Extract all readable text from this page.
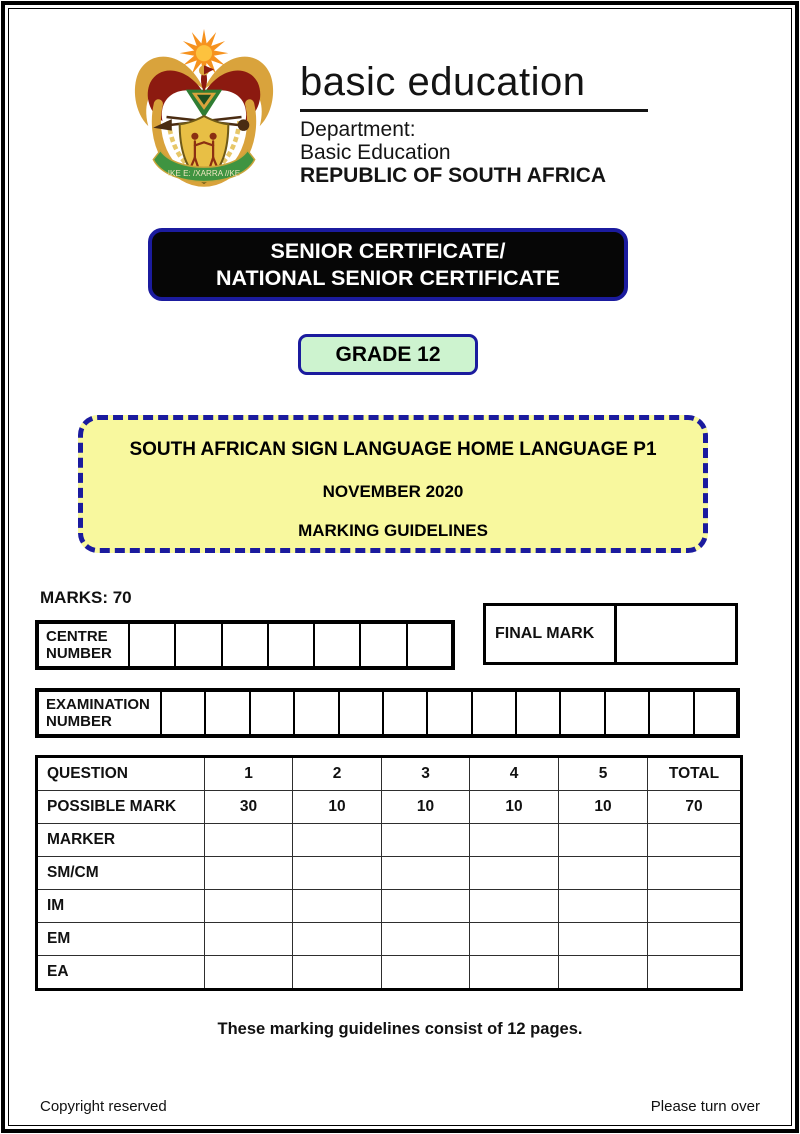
!KE E: /XARRA //KE
basic education
Department:
Basic Education
REPUBLIC OF SOUTH AFRICA
SENIOR CERTIFICATE/
NATIONAL SENIOR CERTIFICATE
GRADE 12
SOUTH AFRICAN SIGN LANGUAGE HOME LANGUAGE P1
NOVEMBER 2020
MARKING GUIDELINES
MARKS: 70
CENTRE NUMBER							
FINAL MARK	
EXAMINATION NUMBER													
QUESTION	1	2	3	4	5	TOTAL
POSSIBLE MARK	30	10	10	10	10	70
MARKER						
SM/CM						
IM						
EM						
EA						
These marking guidelines consist of 12 pages.
Copyright reserved	Please turn over
